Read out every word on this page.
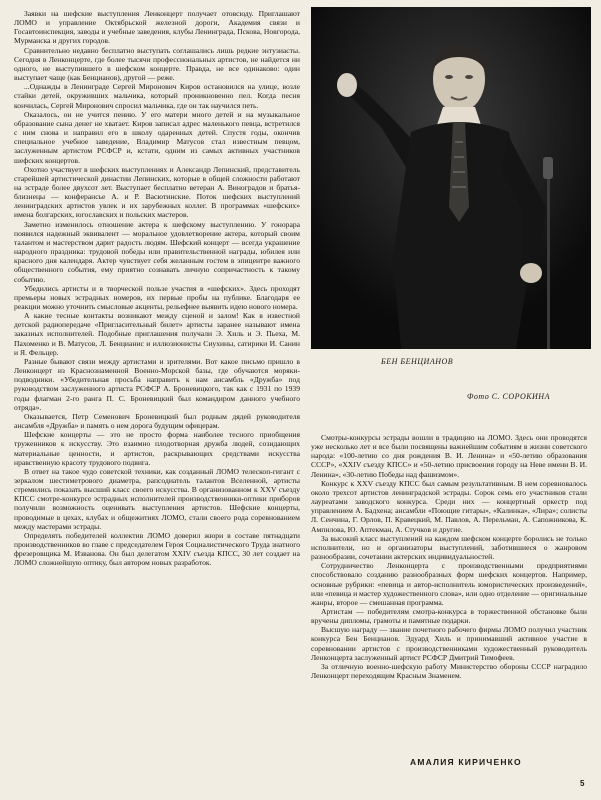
Заявки на шефские выступления Ленконцерт получает отовсюду. Приглашают ЛОМО и управление Октябрьской железной дороги, Академия связи и Госавтоинспекция, заводы и учебные заведения, клубы Ленинграда, Пскова, Новгорода, Мурманска и других городов.

Сравнительно недавно бесплатно выступать соглашались лишь редкие энтузиасты. Сегодня в Ленконцерте, где более тысячи профессиональных артистов, не найдется ни одного, не выступившего в шефском концерте. Правда, не все одинаково: один выступает чаще (как Бенцианов), другой — реже.

...Однажды в Ленинграде Сергей Миронович Киров остановился на улице, возле стайки детей, окруживших мальчика, который проникновенно пел. Когда песня кончилась, Сергей Миронович спросил мальчика, где он так научился петь.

Оказалось, он не учится пению. У его матери много детей и на музыкальное образование сына денег не хватает. Киров записал адрес маленького певца, встретился с ним снова и направил его в школу одаренных детей. Спустя годы, окончив специальное учебное заведение, Владимир Матусов стал известным певцом, заслуженным артистом РСФСР и, кстати, одним из самых активных участников шефских концертов.

Охотно участвует в шефских выступлениях и Александр Лепинский, представитель старейшей артистической династии Лепинских, которые в общей сложности работают на эстраде более двухсот лет. Выступает бесплатно ветеран А. Виноградов и братья-близнецы — конферансье А. и Р. Васютинские. Поток шефских выступлений ленинградских артистов увлек и их зарубежных коллег. В программах «шефских» имена болгарских, югославских и польских мастеров.

Заметно изменилось отношение актера к шефскому выступлению. У гонорара появился надежный эквивалент — моральное удовлетворение актера, который своим талантом и мастерством дарит радость людям. Шефский концерт — всегда украшение народного праздника: трудовой победы или правительственной награды, юбилея или красного дня календаря. Актер чувствует себя желанным гостем в эпицентре важного общественного события, ему приятно сознавать личную сопричастность к такому событию.

Убедились артисты и в творческой пользе участия в «шефских». Здесь проходят премьеры новых эстрадных номеров, их первые пробы на публике. Благодаря ее реакции можно уточнить смысловые акценты, рельефнее выявить идею нового номера.

А какие тесные контакты возникают между сценой и залом! Как в известной детской радиопередаче «Пригласительный билет» артисты заранее называют имена заказных исполнителей. Подобные приглашения получали Э. Хиль и Э. Пьеха, М. Пахоменко и В. Матусов, Л. Бенцианис и иллюзионисты Сиухины, сатирики И. Санин и Я. Фельцер.

Разные бывают связи между артистами и зрителями. Вот какое письмо пришло в Ленконцерт из Краснознаменной Военно-Морской базы, где обучаются моряки-подводники. «Убедительная просьба направить к нам ансамбль «Дружба» под руководством заслуженного артиста РСФСР А. Броневицкого, так как с 1931 по 1939 годы флагман 2-го ранга П. С. Броневицкий был командиром данного учебного отряда».

Оказывается, Петр Семенович Броневицкий был родным дядей руководителя ансамбля «Дружба» и память о нем дорога будущим офицерам.

Шефские концерты — это не просто форма наиболее тесного приобщения труженников к искусству. Это взаимно плодотворная дружба людей, созидающих материальные ценности, и артистов, раскрывающих средствами искусства нравственную красоту трудового подвига.

В ответ на такое чудо советской техники, как созданный ЛОМО телескоп-гигант с зеркалом шестиметрового диаметра, рапсодиатель талантов Вселенной, артисты стремились показать высший класс своего искусства. В организованном к XXV съезду КПСС смотре-конкурсе эстрадных исполнителей производственники-оптики приборов получили возможность оценивать выступления артистов. Шефские концерты, проводимые в цехах, клубах и общежитиях ЛОМО, стали своего рода соревнованием между мастерами эстрады.

Определять победителей коллектив ЛОМО доверил жюри в составе пятнадцати производственников во главе с председателем Героя Социалистического Труда знатного фрезеровщика М. Изванова. Он был делегатом XXIV съезда КПСС, 30 лет создает на ЛОМО сложнейшую оптику, был автором новых разработок.

БЕН БЕНЦИАНОВ
Фото С. СОРОКИНА

Смотры-конкурсы эстрады вошли в традицию на ЛОМО. Здесь они проводятся уже несколько лет и все были посвящены важнейшим событиям в жизни советского народа: «100-летию со дня рождения В. И. Ленина» и «50-летию образования СССР», «XXIV съезду КПСС» и «50-летию присвоения городу на Неве имени В. И. Ленина», «30-летию Победы над фашизмом».

Конкурс к XXV съезду КПСС был самым результативным. В нем соревновалось около трехсот артистов ленинградской эстрады. Сорок семь его участников стали лауреатами заводского конкурса. Среди них — концертный оркестр под управлением А. Бадхена; ансамбли «Поющие гитары», «Калинка», «Лира»; солисты Л. Сенчина, Г. Орлов, П. Кравецкий, М. Павлов, А. Перельман, А. Сапожникова, К. Ампилова, Ю. Аптекман, А. Стучков и другие.

За высокий класс выступлений на каждом шефском концерте боролись не только исполнители, но и организаторы выступлений, заботившиеся о жанровом разнообразии, сочетании актерских индивидуальностей.

Сотрудничество Ленконцерта с производственными предприятиями способствовало созданию разнообразных форм шефских концертов. Например, основные рубрики: «певица и автор-исполнитель юмористических произведений», или «певица и мастер художественного слова», или одно отделение — оригинальные жанры, второе — смешанная программа.

Артистам — победителям смотра-конкурса в торжественной обстановке были вручены дипломы, грамоты и памятные подарки.

Высшую награду — звание почетного рабочего фирмы ЛОМО получил участник конкурса Бен Бенцианов. Эдуард Хиль и принимавший активное участие в соревновании артистов с производственниками художественный руководитель Ленконцерта заслуженный артист РСФСР Дмитрий Тимофеев.

За отличную военно-шефскую работу Министерство обороны СССР наградило Ленконцерт переходящим Красным Знаменем.

АМАЛИЯ КИРИЧЕНКО
5
